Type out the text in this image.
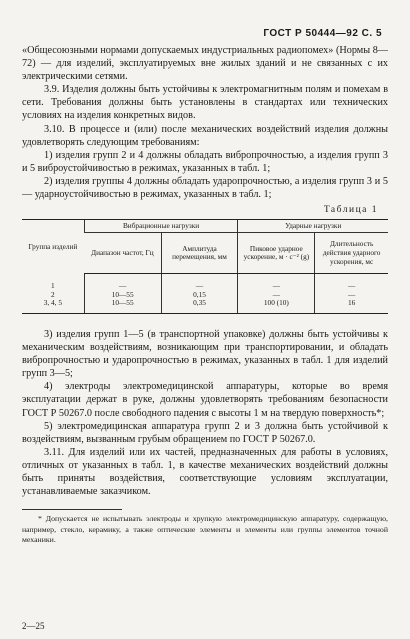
ГОСТ Р 50444—92 С. 5

«Общесоюзными нормами допускаемых индустриальных радиопомех» (Нормы 8—72) — для изделий, эксплуатируемых вне жилых зданий и не связанных с их электрическими сетями.

3.9. Изделия должны быть устойчивы к электромагнитным полям и помехам в сети. Требования должны быть установлены в стандартах или технических условиях на изделия конкретных видов.

3.10. В процессе и (или) после механических воздействий изделия должны удовлетворять следующим требованиям:

1) изделия групп 2 и 4 должны обладать вибропрочностью, а изделия групп 3 и 5 виброустойчивостью в режимах, указанных в табл. 1;

2) изделия группы 4 должны обладать ударопрочностью, а изделия групп 3 и 5 — ударноустойчивостью в режимах, указанных в табл. 1;

Таблица 1
Группа изделий	Вибрационные нагрузки		Ударные нагрузки	
	Диапазон частот, Гц	Амплитуда перемещения, мм	Пиковое ударное ускорение, м · с⁻² (g)	Длительность действия ударного ускорения, мс
1	—	—	—	—
2	10—55	0,15	—	—
3, 4, 5	10—55	0,35	100 (10)	16

3) изделия групп 1—5 (в транспортной упаковке) должны быть устойчивы к механическим воздействиям, возникающим при транспортировании, и обладать вибропрочностью и ударопрочностью в режимах, указанных в табл. 1 для изделий групп 3—5;

4) электроды электромедицинской аппаратуры, которые во время эксплуатации держат в руке, должны удовлетворять требованиям безопасности ГОСТ Р 50267.0 после свободного падения с высоты 1 м на твердую поверхность*;

5) электромедицинская аппаратура групп 2 и 3 должна быть устойчивой к воздействиям, вызванным грубым обращением по ГОСТ Р 50267.0.

3.11. Для изделий или их частей, предназначенных для работы в условиях, отличных от указанных в табл. 1, в качестве механических воздействий должны быть приняты воздействия, соответствующие условиям эксплуатации, устанавливаемые заказчиком.

* Допускается не испытывать электроды и хрупкую электромедицинскую аппаратуру, содержащую, например, стекло, керамику, а также оптические элементы и элементы или группы элементов точной механики.

2—25
